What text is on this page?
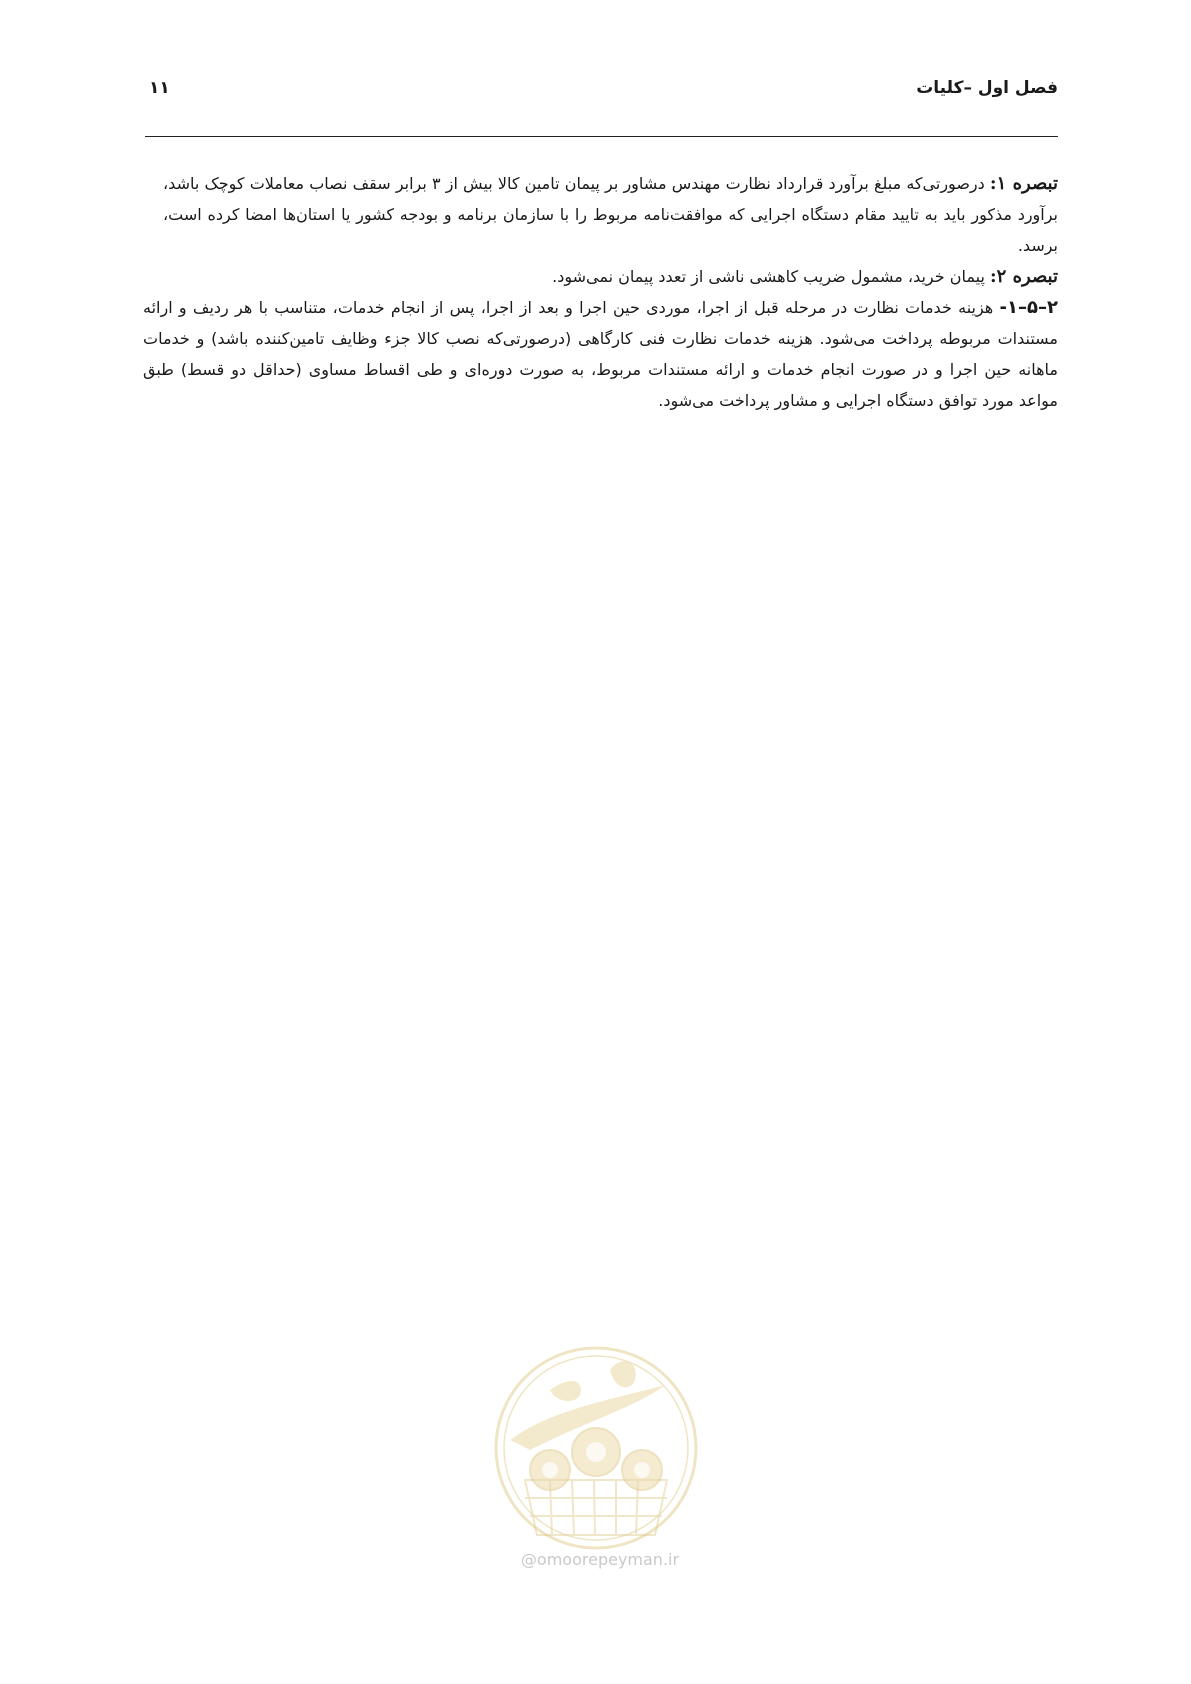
فصل اول –کلیات
۱۱

تبصره ۱: درصورتی‌که مبلغ برآورد قرارداد نظارت مهندس مشاور بر پیمان تامین کالا بیش از ۳ برابر سقف نصاب معاملات کوچک باشد، برآورد مذکور باید به تایید مقام دستگاه اجرایی که موافقت‌نامه مربوط را با سازمان برنامه و بودجه کشور یا استان‌ها امضا کرده است، برسد.

تبصره ۲: پیمان خرید، مشمول ضریب کاهشی ناشی از تعدد پیمان نمی‌شود.

۲–۵–۱- هزینه خدمات نظارت در مرحله قبل از اجرا، موردی حین اجرا و بعد از اجرا، پس از انجام خدمات، متناسب با هر ردیف و ارائه مستندات مربوطه پرداخت می‌شود. هزینه خدمات نظارت فنی کارگاهی (درصورتی‌که نصب کالا جزء وظایف تامین‌کننده باشد) و خدمات ماهانه حین اجرا و در صورت انجام خدمات و ارائه مستندات مربوط، به صورت دوره‌ای و طی اقساط مساوی (حداقل دو قسط) طبق مواعد مورد توافق دستگاه اجرایی و مشاور پرداخت می‌شود.

@omoorepeyman.ir
